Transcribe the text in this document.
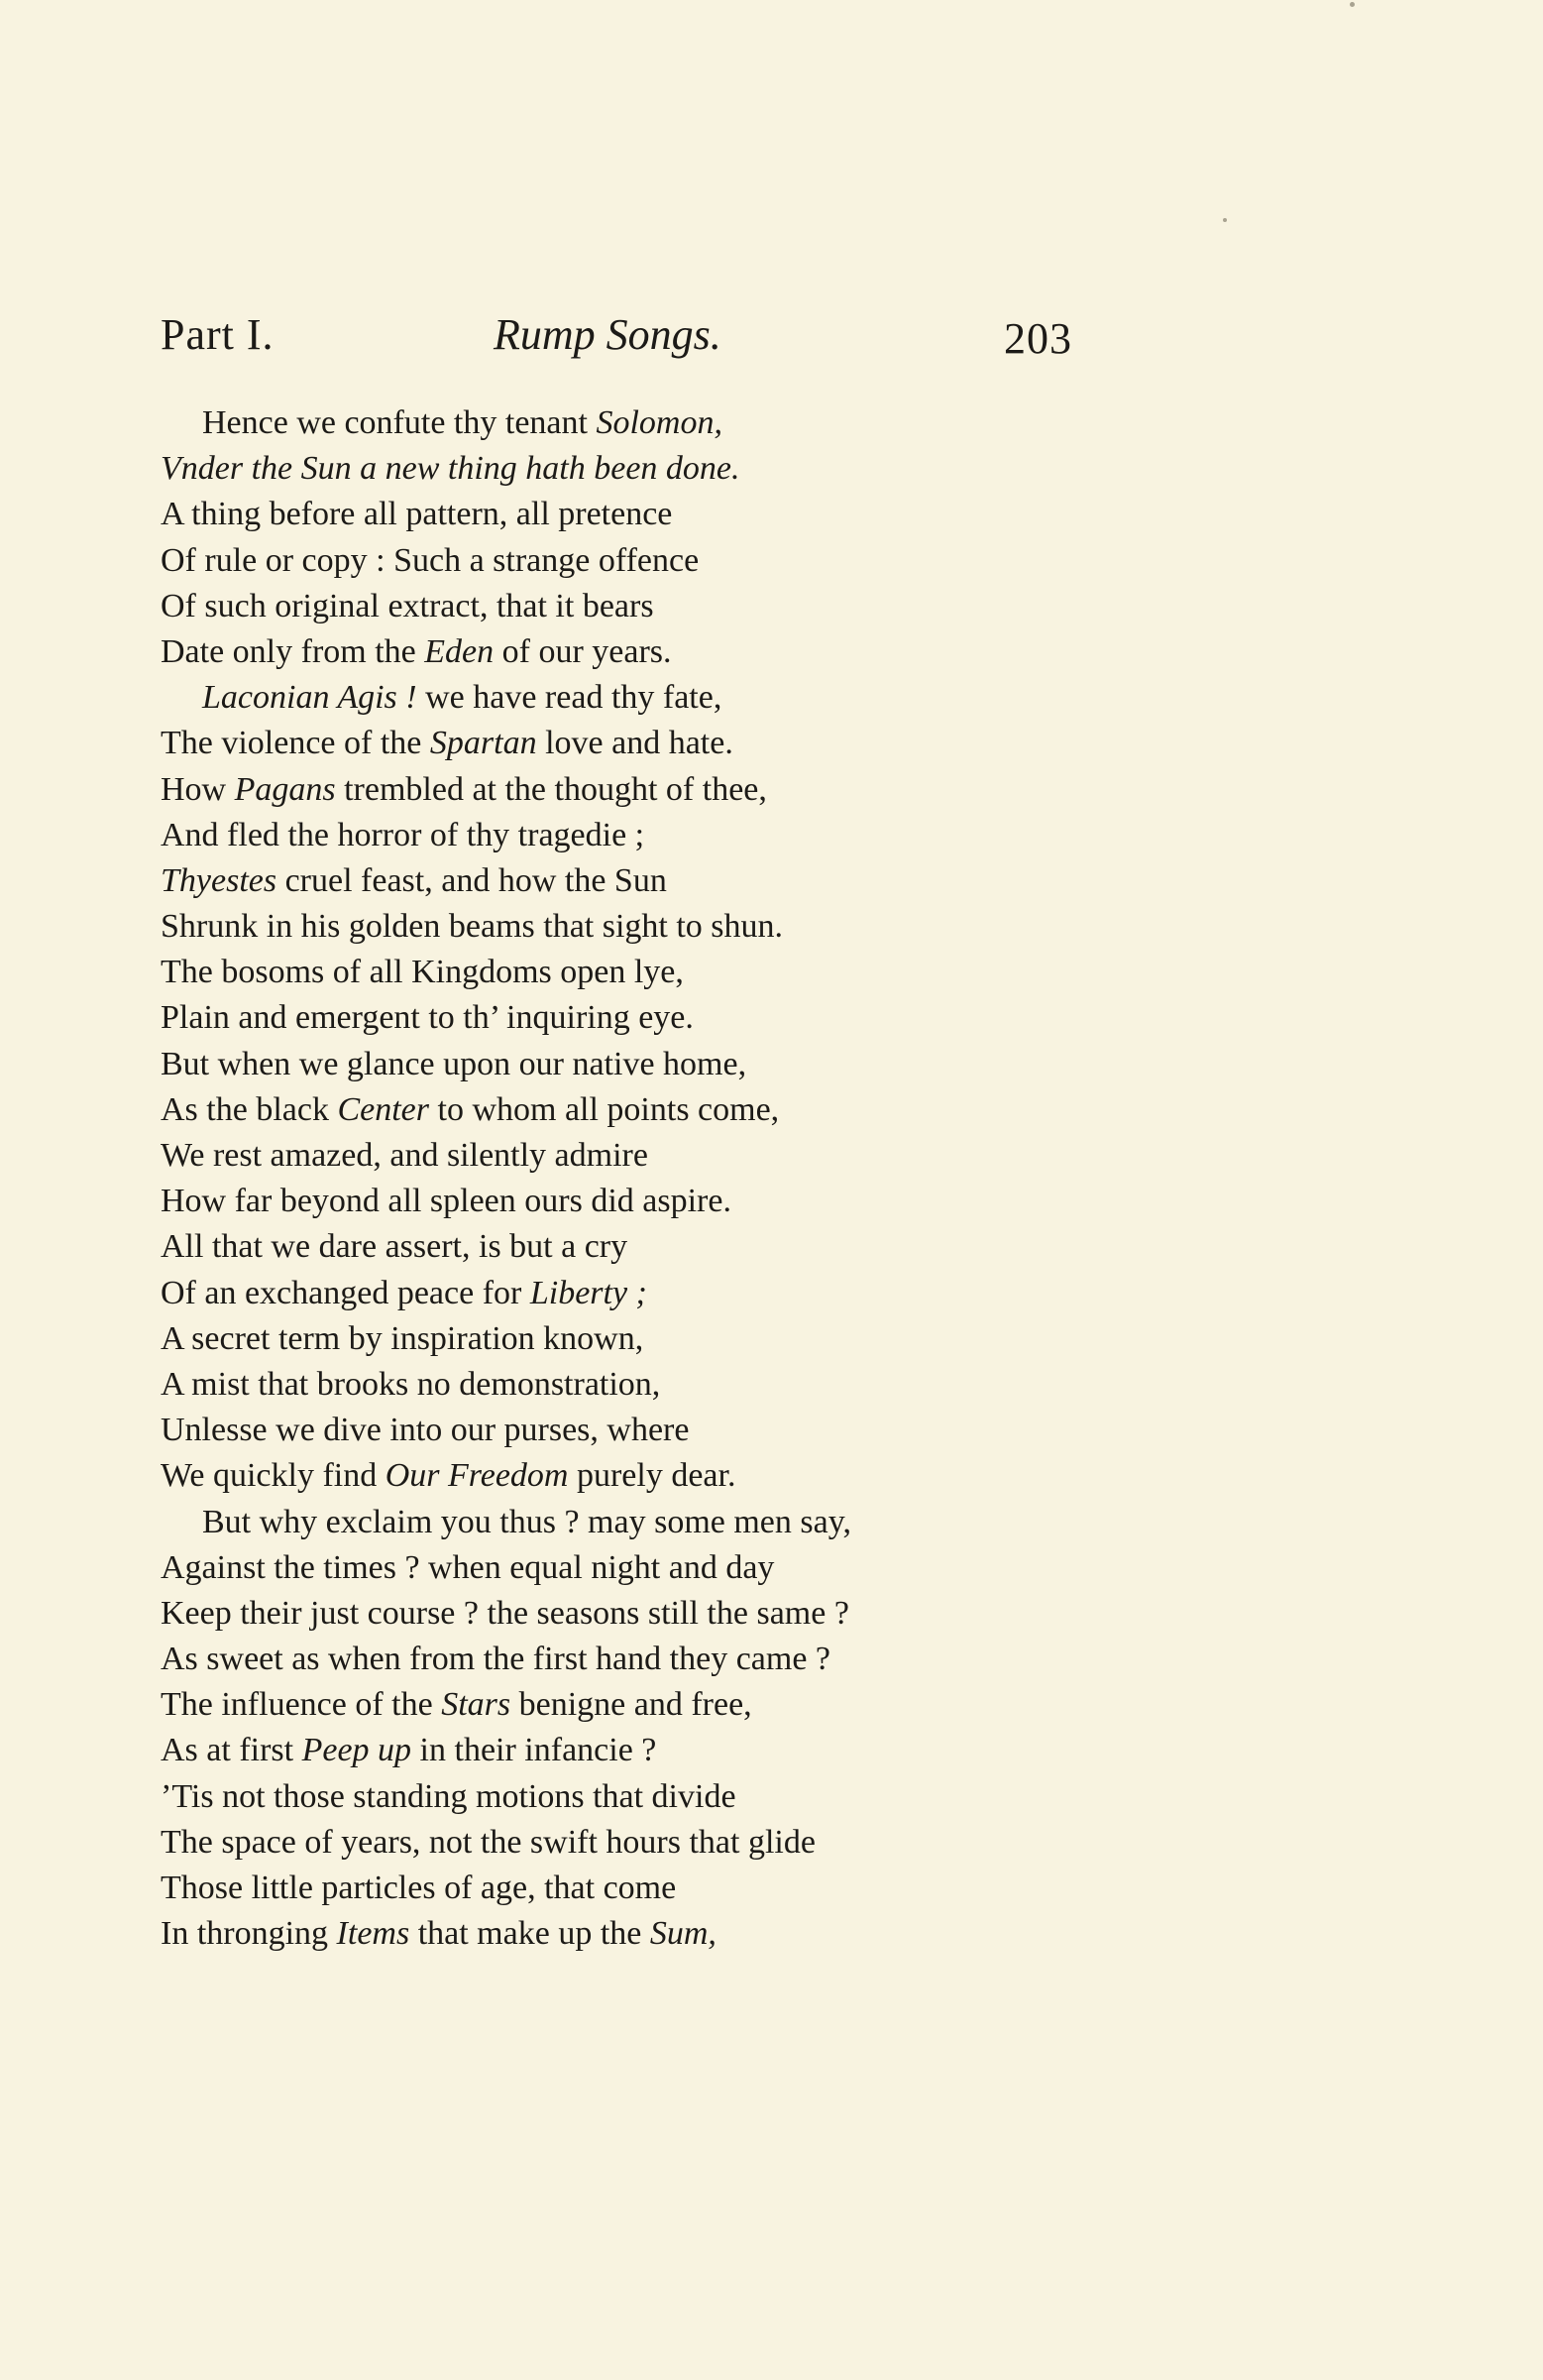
Part I.	Rump Songs.	203
Hence we confute thy tenant Solomon,
Vnder the Sun a new thing hath been done.
A thing before all pattern, all pretence
Of rule or copy : Such a strange offence
Of such original extract, that it bears
Date only from the Eden of our years.
Laconian Agis ! we have read thy fate,
The violence of the Spartan love and hate.
How Pagans trembled at the thought of thee,
And fled the horror of thy tragedie ;
Thyestes cruel feast, and how the Sun
Shrunk in his golden beams that sight to shun.
The bosoms of all Kingdoms open lye,
Plain and emergent to th’ inquiring eye.
But when we glance upon our native home,
As the black Center to whom all points come,
We rest amazed, and silently admire
How far beyond all spleen ours did aspire.
All that we dare assert, is but a cry
Of an exchanged peace for Liberty ;
A secret term by inspiration known,
A mist that brooks no demonstration,
Unlesse we dive into our purses, where
We quickly find Our Freedom purely dear.
But why exclaim you thus ? may some men say,
Against the times ? when equal night and day
Keep their just course ? the seasons still the same ?
As sweet as when from the first hand they came ?
The influence of the Stars benigne and free,
As at first Peep up in their infancie ?
’Tis not those standing motions that divide
The space of years, not the swift hours that glide
Those little particles of age, that come
In thronging Items that make up the Sum,
